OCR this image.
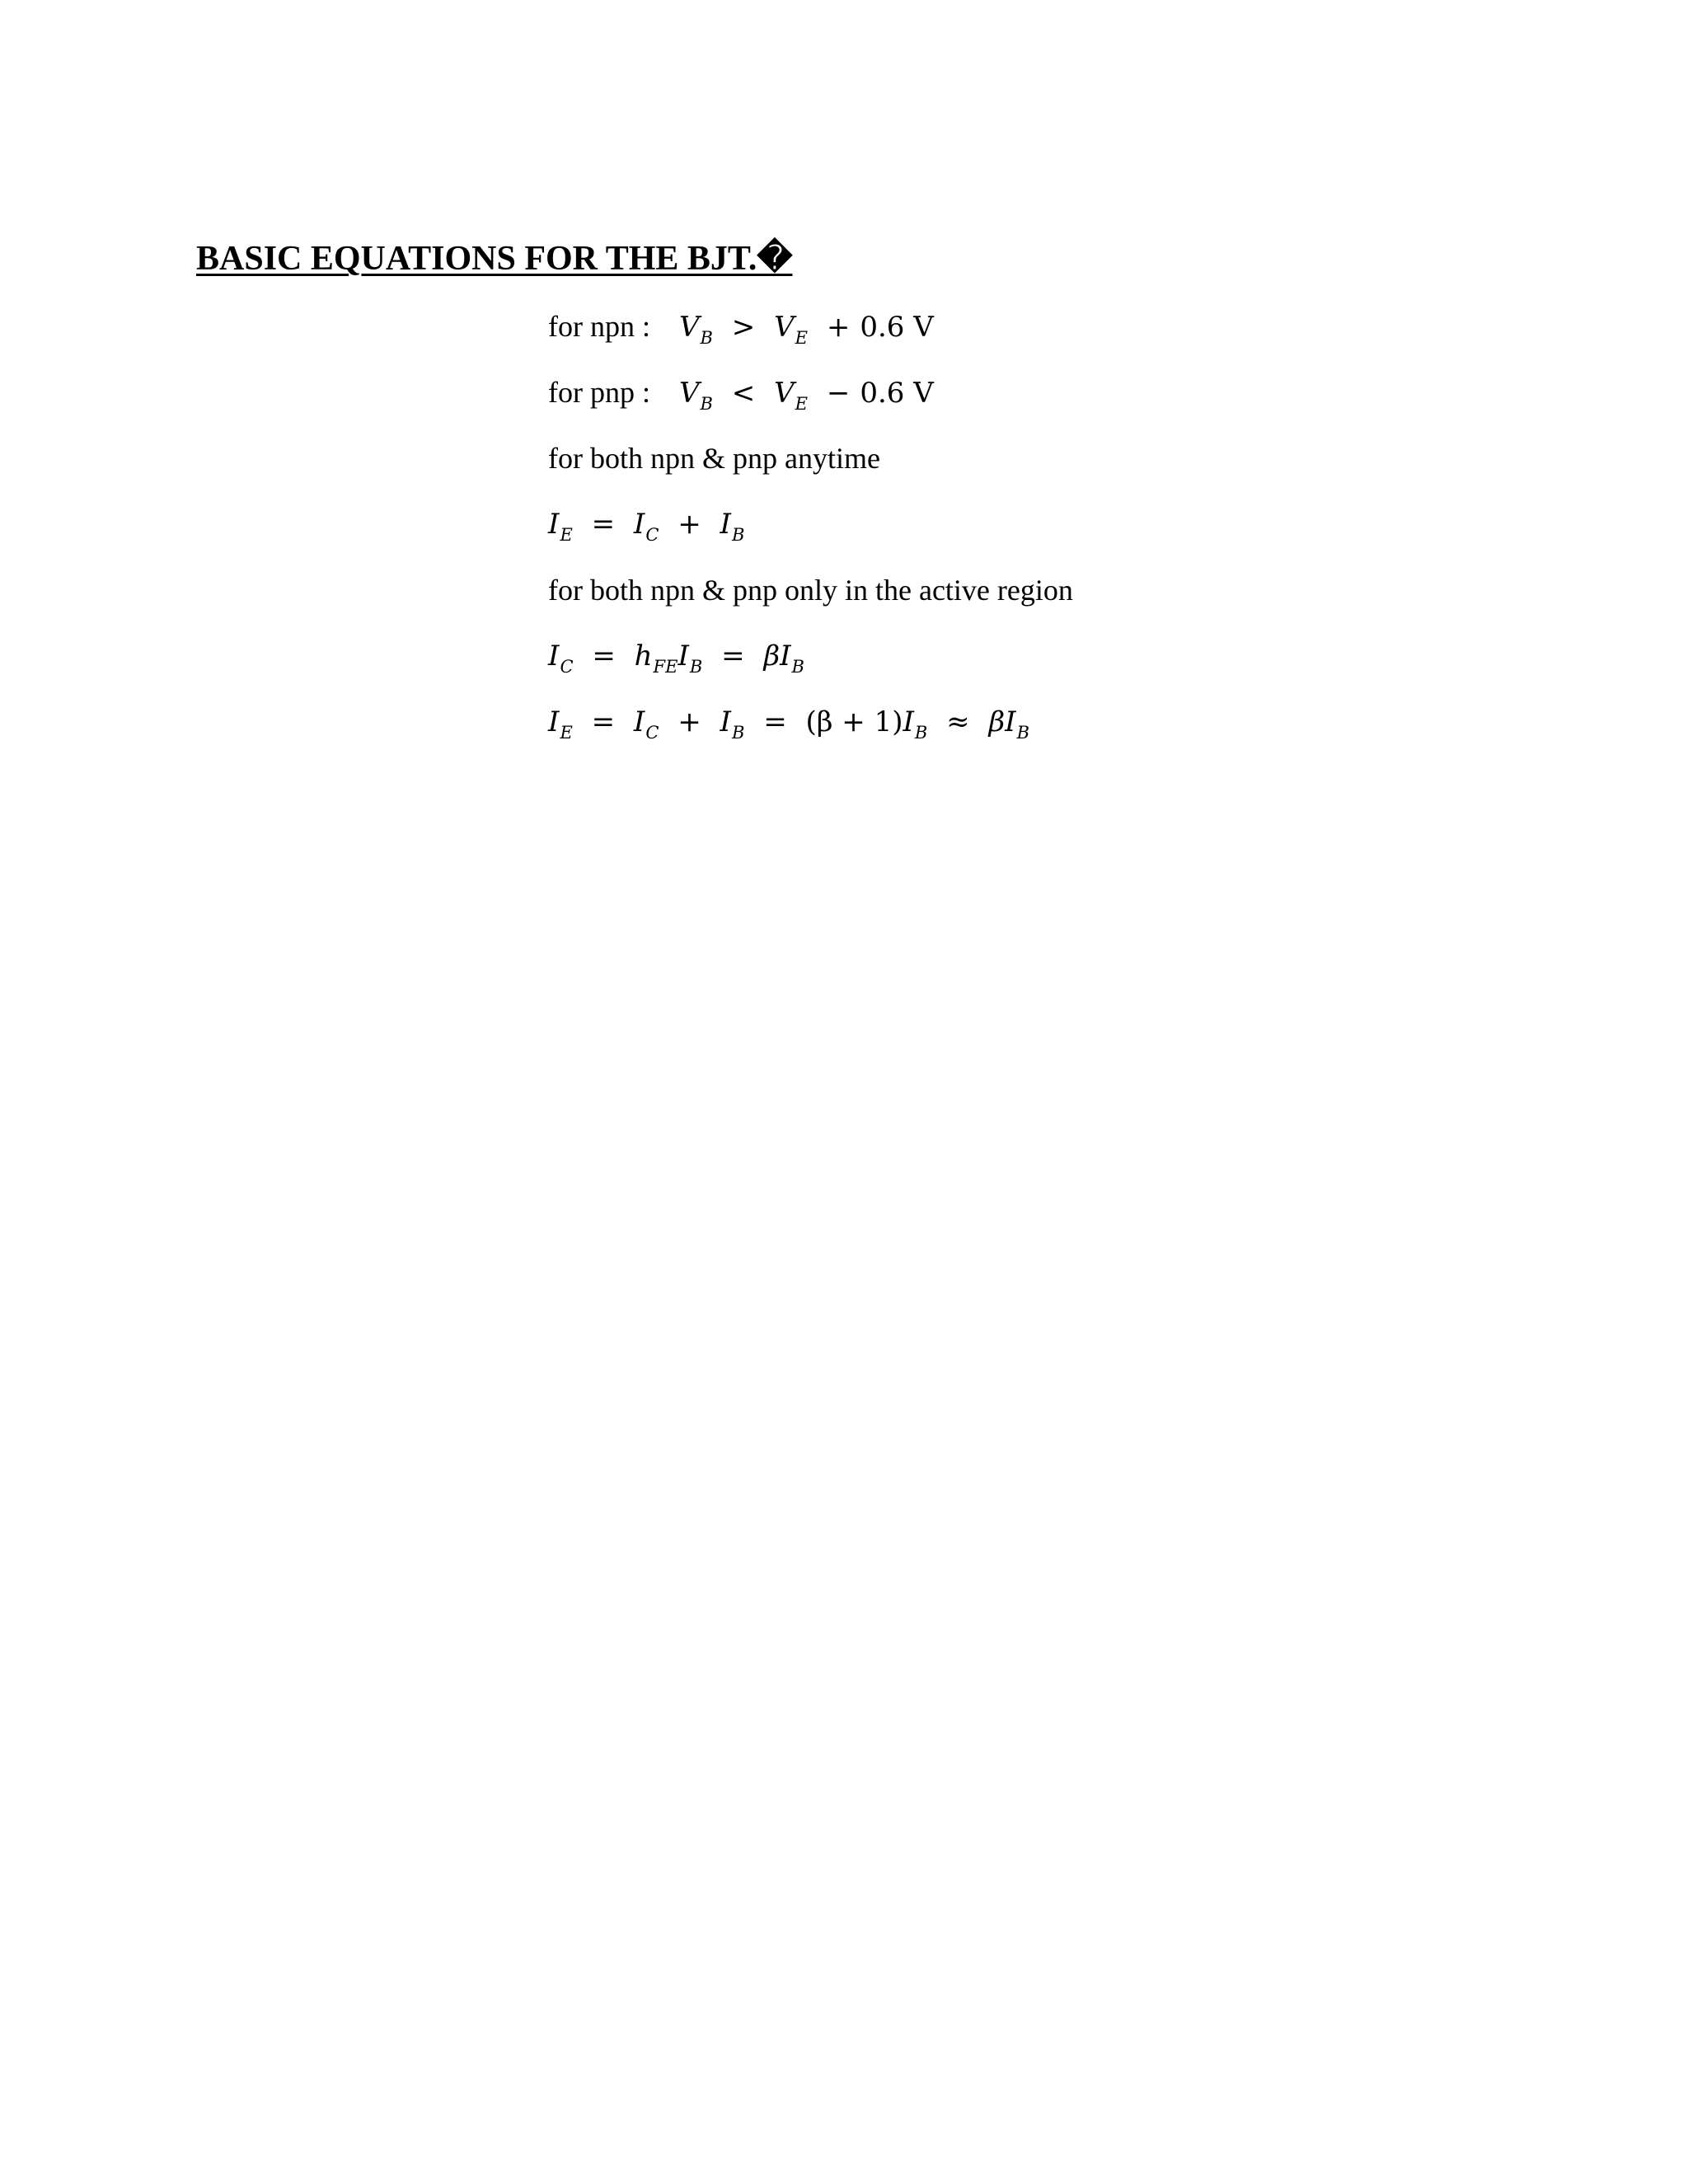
BASIC EQUATIONS FOR THE BJT.�
for npn : $V_B > V_E + 0.6$ V
for pnp : $V_B < V_E - 0.6$ V
for both npn & pnp anytime
$I_E = I_C + I_B$
for both npn & pnp only in the active region
$I_C = h_{FE}I_B = \beta I_B$
$I_E = I_C + I_B = (\beta + 1)I_B \approx \beta I_B$
